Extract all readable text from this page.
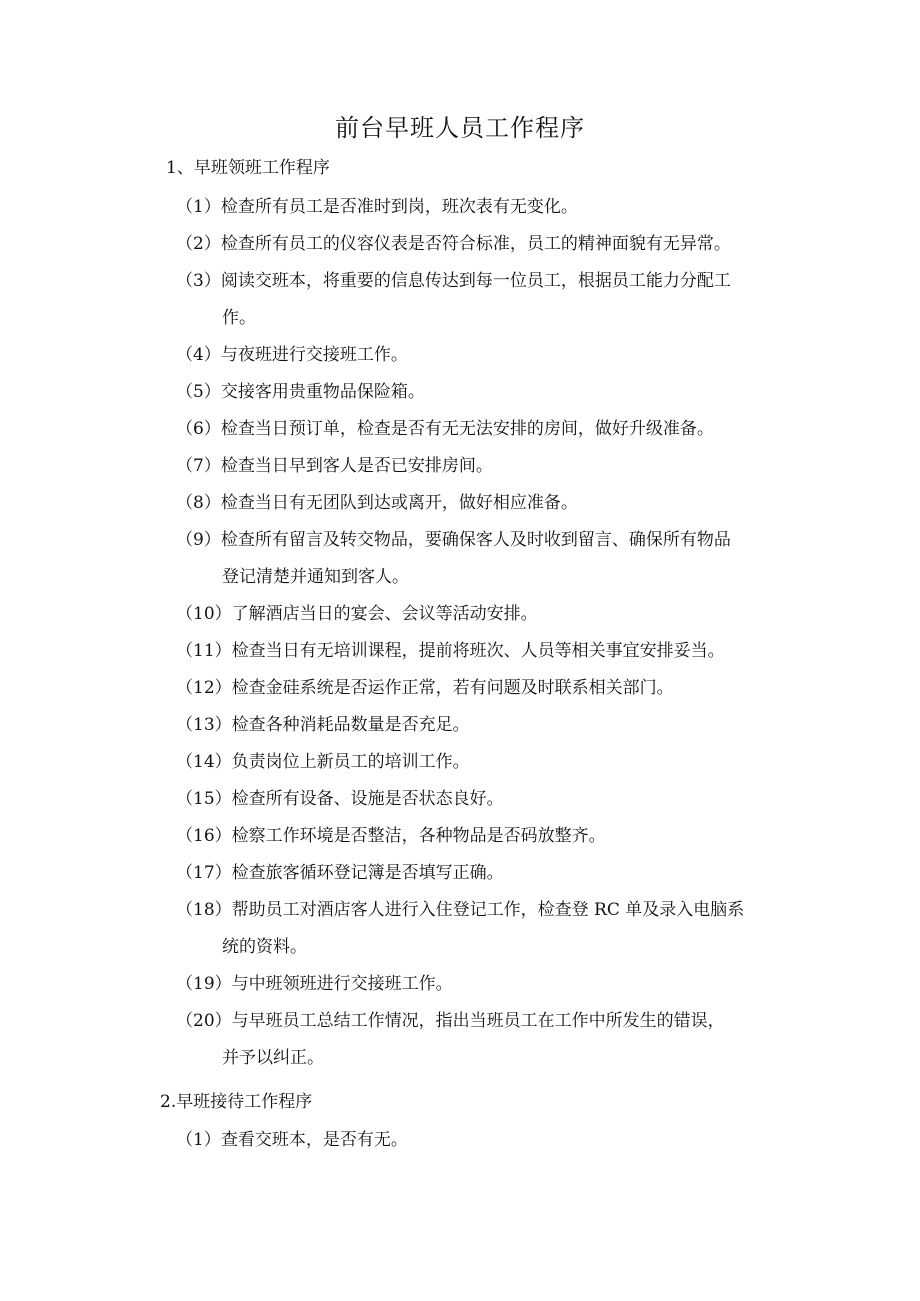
前台早班人员工作程序
1、早班领班工作程序
（1）检查所有员工是否准时到岗，班次表有无变化。
（2）检查所有员工的仪容仪表是否符合标准，员工的精神面貌有无异常。
（3）阅读交班本，将重要的信息传达到每一位员工，根据员工能力分配工
作。
（4）与夜班进行交接班工作。
（5）交接客用贵重物品保险箱。
（6）检查当日预订单，检查是否有无无法安排的房间，做好升级准备。
（7）检查当日早到客人是否已安排房间。
（8）检查当日有无团队到达或离开，做好相应准备。
（9）检查所有留言及转交物品，要确保客人及时收到留言、确保所有物品
登记清楚并通知到客人。
（10）了解酒店当日的宴会、会议等活动安排。
（11）检查当日有无培训课程，提前将班次、人员等相关事宜安排妥当。
（12）检查金硅系统是否运作正常，若有问题及时联系相关部门。
（13）检查各种消耗品数量是否充足。
（14）负责岗位上新员工的培训工作。
（15）检查所有设备、设施是否状态良好。
（16）检察工作环境是否整洁，各种物品是否码放整齐。
（17）检查旅客循环登记簿是否填写正确。
（18）帮助员工对酒店客人进行入住登记工作，检查登 RC 单及录入电脑系
统的资料。
（19）与中班领班进行交接班工作。
（20）与早班员工总结工作情况，指出当班员工在工作中所发生的错误，
并予以纠正。
2.早班接待工作程序
（1）查看交班本，是否有无。
